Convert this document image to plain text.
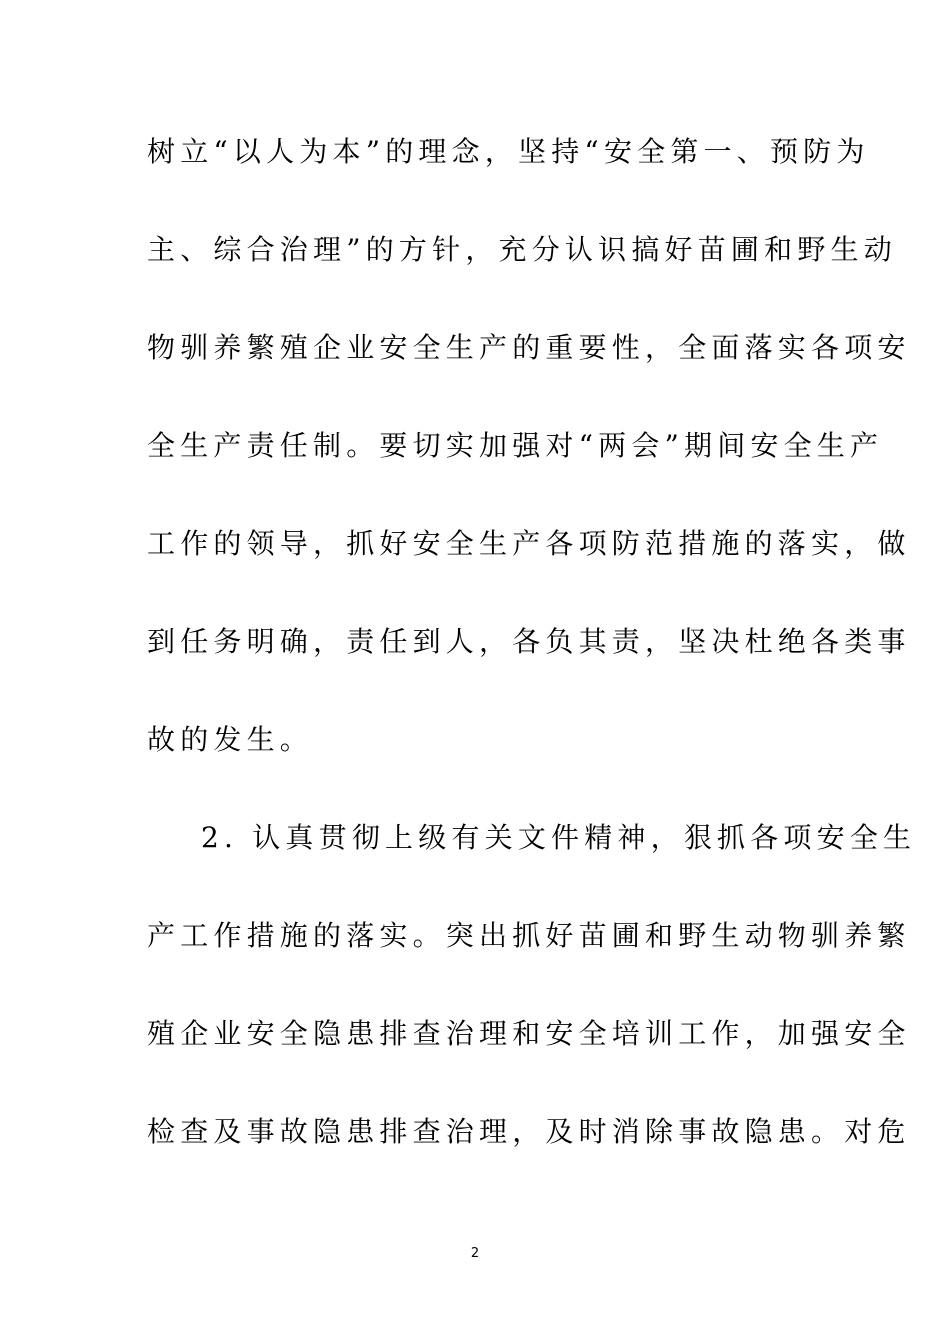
树立“以人为本”的理念，坚持“安全第一、预防为
主、综合治理”的方针，充分认识搞好苗圃和野生动
物驯养繁殖企业安全生产的重要性，全面落实各项安
全生产责任制。要切实加强对“两会”期间安全生产
工作的领导，抓好安全生产各项防范措施的落实，做
到任务明确，责任到人，各负其责，坚决杜绝各类事
故的发生。
2. 认真贯彻上级有关文件精神，狠抓各项安全生
产工作措施的落实。突出抓好苗圃和野生动物驯养繁
殖企业安全隐患排查治理和安全培训工作，加强安全
检查及事故隐患排查治理，及时消除事故隐患。对危
2
